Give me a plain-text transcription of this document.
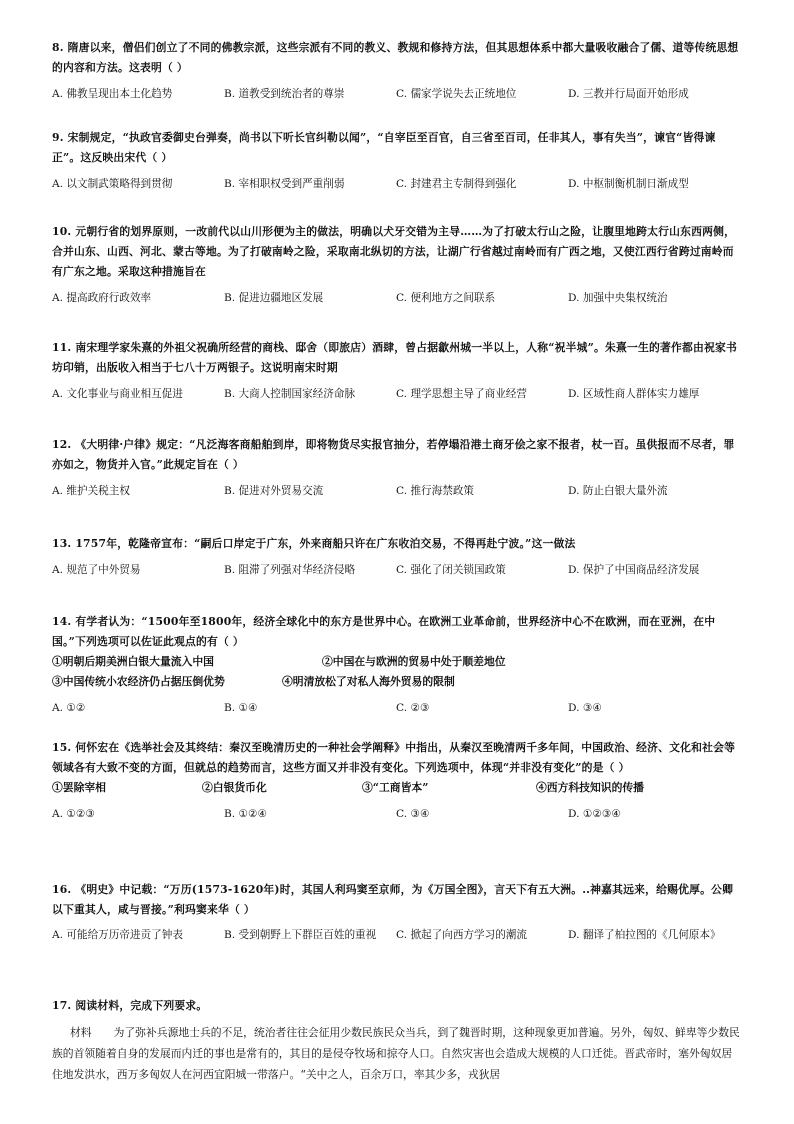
8. 隋唐以来，僧侣们创立了不同的佛教宗派，这些宗派有不同的教义、教规和修持方法，但其思想体系中都大量吸收融合了儒、道等传统思想的内容和方法。这表明（ ）
A. 佛教呈现出本土化趋势	B. 道教受到统治者的尊崇	C. 儒家学说失去正统地位	D. 三教并行局面开始形成
9. 宋制规定，“执政官委御史台弹奏，尚书以下听长官纠勒以闻”，“自宰臣至百官，自三省至百司，任非其人，事有失当”，谏官“皆得谏正”。这反映出宋代（ ）
A. 以文制武策略得到贯彻	B. 宰相职权受到严重削弱	C. 封建君主专制得到强化	D. 中枢制衡机制日渐成型
10. 元朝行省的划界原则，一改前代以山川形便为主的做法，明确以犬牙交错为主导……为了打破太行山之险，让腹里地跨太行山东西两侧，合并山东、山西、河北、蒙古等地。为了打破南岭之险，采取南北纵切的方法，让湖广行省越过南岭而有广西之地，又使江西行省跨过南岭而有广东之地。采取这种措施旨在
A. 提高政府行政效率	B. 促进边疆地区发展	C. 便利地方之间联系	D. 加强中央集权统治
11. 南宋理学家朱熹的外祖父祝确所经营的商栈、邸舍（即旅店）酒肆，曾占据歙州城一半以上，人称“祝半城”。朱熹一生的著作都由祝家书坊印销，出版收入相当于七八十万两银子。这说明南宋时期
A. 文化事业与商业相互促进	B. 大商人控制国家经济命脉	C. 理学思想主导了商业经营	D. 区域性商人群体实力雄厚
12. 《大明律·户律》规定：“凡泛海客商船舶到岸，即将物货尽实报官抽分，若停塌沿港土商牙侩之家不报者，杖一百。虽供报而不尽者，罪亦如之，物货并入官。”此规定旨在（ ）
A. 维护关税主权	B. 促进对外贸易交流	C. 推行海禁政策	D. 防止白银大量外流
13. 1757年，乾隆帝宣布：“嗣后口岸定于广东，外来商船只许在广东收泊交易，不得再赴宁波。”这一做法
A. 规范了中外贸易	B. 阻滞了列强对华经济侵略	C. 强化了闭关锁国政策	D. 保护了中国商品经济发展
14. 有学者认为：“1500年至1800年，经济全球化中的东方是世界中心。在欧洲工业革命前，世界经济中心不在欧洲，而在亚洲，在中国。”下列选项可以佐证此观点的有（ ）
①明朝后期美洲白银大量流入中国	②中国在与欧洲的贸易中处于顺差地位
③中国传统小农经济仍占据压倒优势	④明清放松了对私人海外贸易的限制
A. ①②	B. ①④	C. ②③	D. ③④
15. 何怀宏在《选举社会及其终结：秦汉至晚清历史的一种社会学阐释》中指出，从秦汉至晚清两千多年间，中国政治、经济、文化和社会等领域各有大致不变的方面，但就总的趋势而言，这些方面又并非没有变化。下列选项中，体现“并非没有变化”的是（ ）
①罢除宰相	②白银货币化	③“工商皆本”	④西方科技知识的传播
A. ①②③	B. ①②④	C. ③④	D. ①②③④
16. 《明史》中记载：“万历(1573-1620年)时，其国人利玛窦至京师，为《万国全图》，言天下有五大洲。..神嘉其远来，给赐优厚。公卿以下重其人，咸与晋接。”利玛窦来华（ ）
A. 可能给万历帝进贡了钟表	B. 受到朝野上下群臣百姓的重视	C. 掀起了向西方学习的潮流	D. 翻译了柏拉图的《几何原本》
17. 阅读材料，完成下列要求。
材料 为了弥补兵源地士兵的不足，统治者往往会征用少数民族民众当兵，到了魏晋时期，这种现象更加普遍。另外，匈奴、鲜卑等少数民族的首领随着自身的发展而内迁的事也是常有的，其目的是侵夺牧场和掠夺人口。自然灾害也会造成大规模的人口迁徙。晋武帝时，塞外匈奴居住地发洪水，西万多匈奴人在河西宜阳城一带落户。“关中之人，百余万口，率其少多，戎狄居
